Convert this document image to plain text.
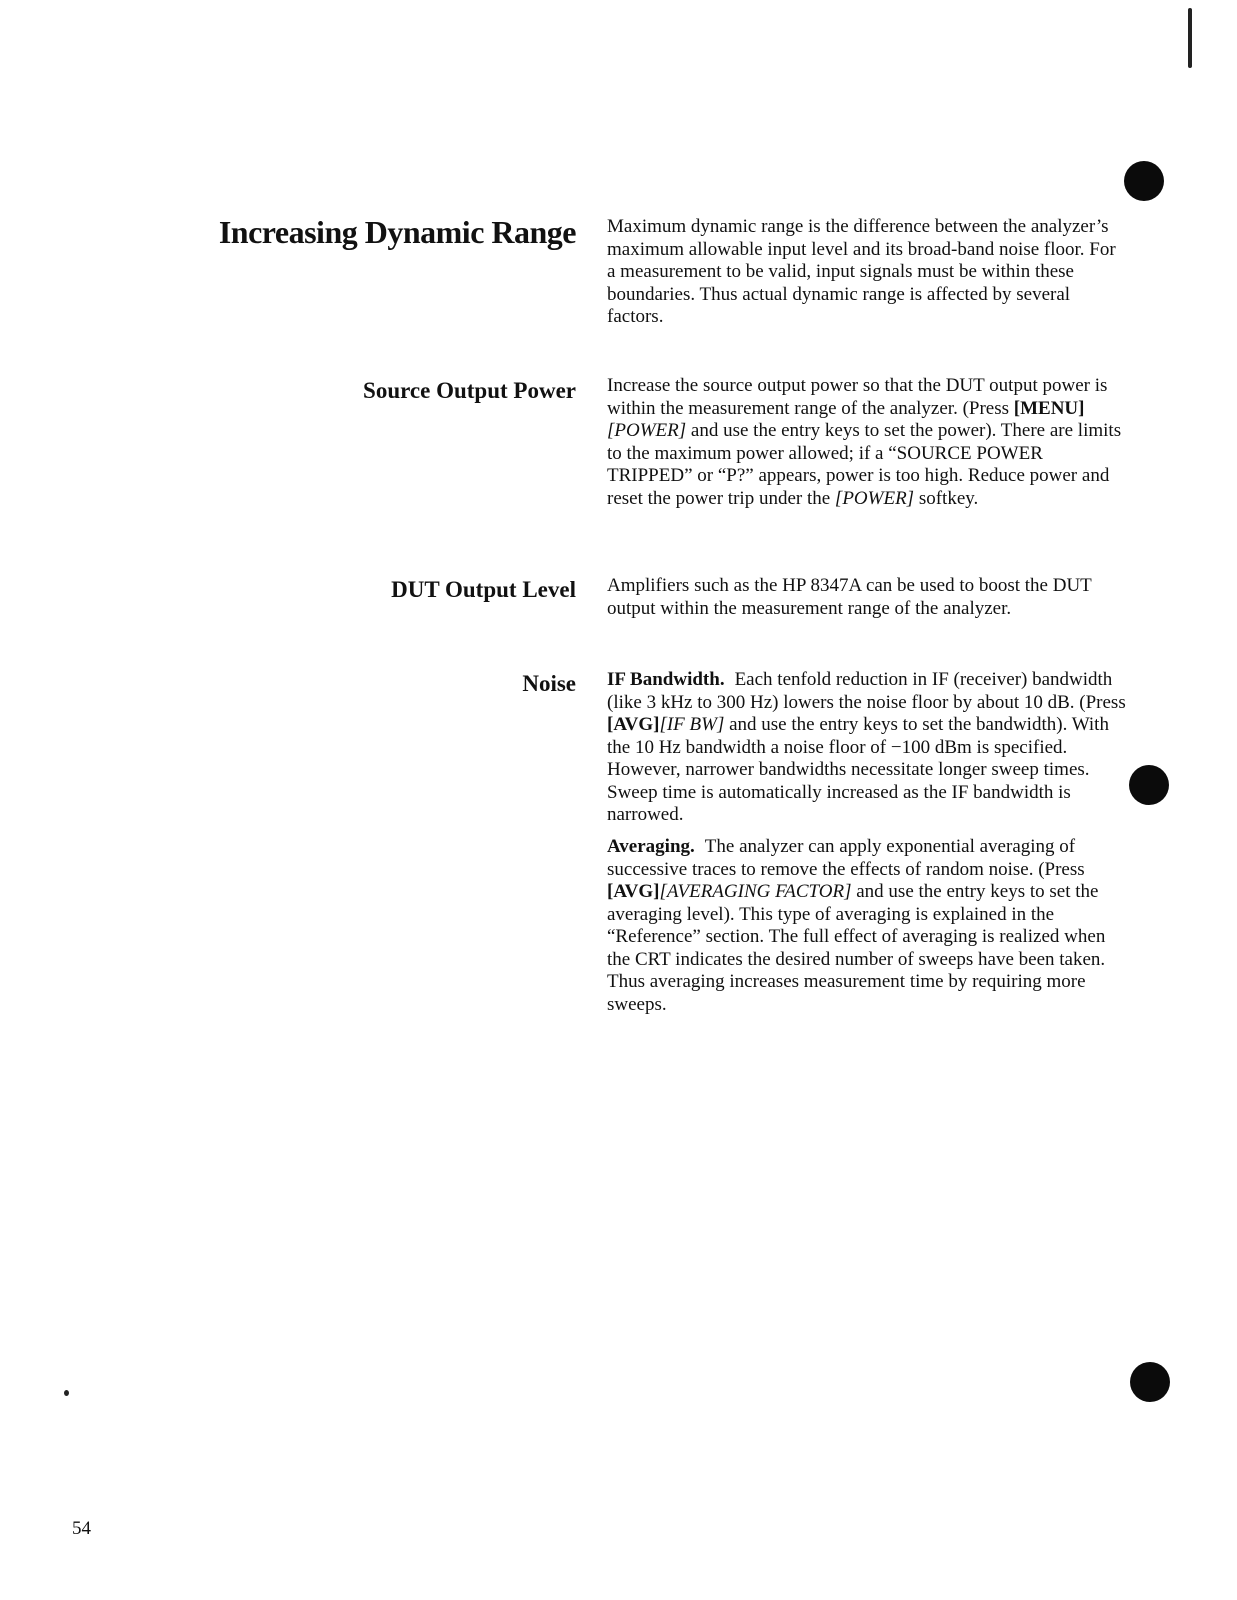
Increasing Dynamic Range Maximum dynamic range is the difference between the analyzer’s maximum allowable input level and its broad-band noise floor. For a measurement to be valid, input signals must be within these boundaries. Thus actual dynamic range is affected by several factors.

Source Output Power Increase the source output power so that the DUT output power is within the measurement range of the analyzer. (Press [MENU][POWER] and use the entry keys to set the power). There are limits to the maximum power allowed; if a “SOURCE POWER TRIPPED” or “P?” appears, power is too high. Reduce power and reset the power trip under the [POWER] softkey.

DUT Output Level Amplifiers such as the HP 8347A can be used to boost the DUT output within the measurement range of the analyzer.

Noise IF Bandwidth. Each tenfold reduction in IF (receiver) bandwidth (like 3 kHz to 300 Hz) lowers the noise floor by about 10 dB. (Press [AVG][IF BW] and use the entry keys to set the bandwidth). With the 10 Hz bandwidth a noise floor of −100 dBm is specified. However, narrower bandwidths necessitate longer sweep times. Sweep time is automatically increased as the IF bandwidth is narrowed.

Averaging. The analyzer can apply exponential averaging of successive traces to remove the effects of random noise. (Press [AVG][AVERAGING FACTOR] and use the entry keys to set the averaging level). This type of averaging is explained in the “Reference” section. The full effect of averaging is realized when the CRT indicates the desired number of sweeps have been taken. Thus averaging increases measurement time by requiring more sweeps.

54
